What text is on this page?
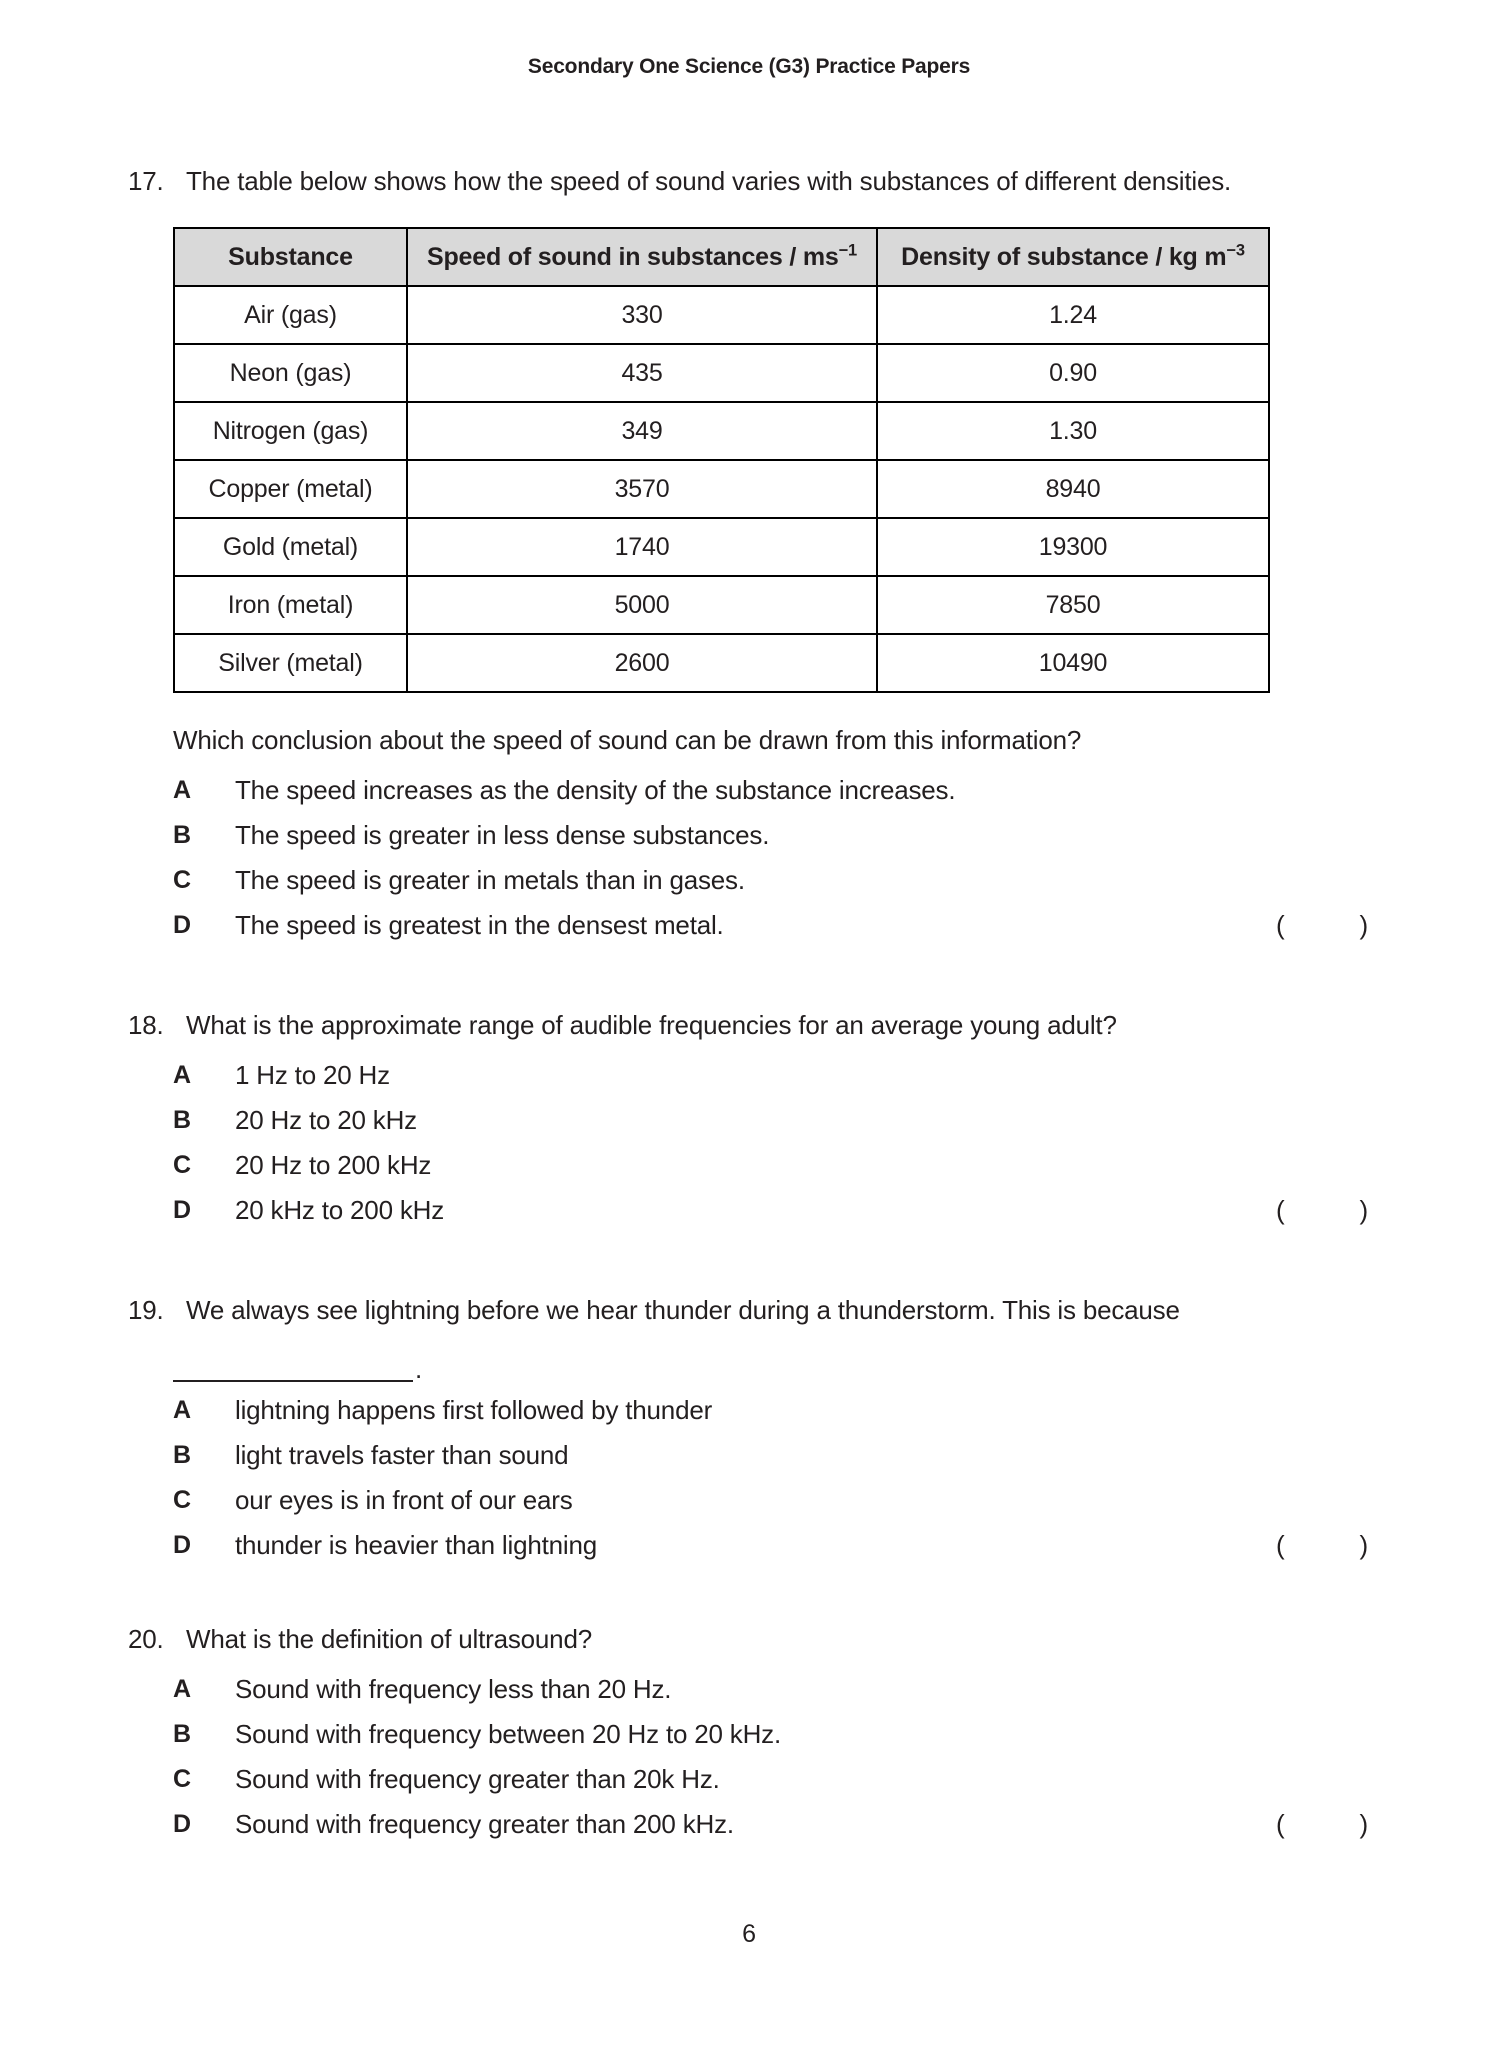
Secondary One Science (G3) Practice Papers
17. The table below shows how the speed of sound varies with substances of different densities.
Substance	Speed of sound in substances / $ms^{-1}$	Density of substance / kg $m^{-3}$
Air (gas)	330	1.24
Neon (gas)	435	0.90
Nitrogen (gas)	349	1.30
Copper (metal)	3570	8940
Gold (metal)	1740	19300
Iron (metal)	5000	7850
Silver (metal)	2600	10490
Which conclusion about the speed of sound can be drawn from this information?
A	The speed increases as the density of the substance increases.
B	The speed is greater in less dense substances.
C	The speed is greater in metals than in gases.
D	The speed is greatest in the densest metal.	(	)
18. What is the approximate range of audible frequencies for an average young adult?
A	1 Hz to 20 Hz
B	20 Hz to 20 kHz
C	20 Hz to 200 kHz
D	20 kHz to 200 kHz	(	)
19. We always see lightning before we hear thunder during a thunderstorm. This is because
.
A	lightning happens first followed by thunder
B	light travels faster than sound
C	our eyes is in front of our ears
D	thunder is heavier than lightning	(	)
20. What is the definition of ultrasound?
A	Sound with frequency less than 20 Hz.
B	Sound with frequency between 20 Hz to 20 kHz.
C	Sound with frequency greater than 20k Hz.
D	Sound with frequency greater than 200 kHz.	(	)
6
